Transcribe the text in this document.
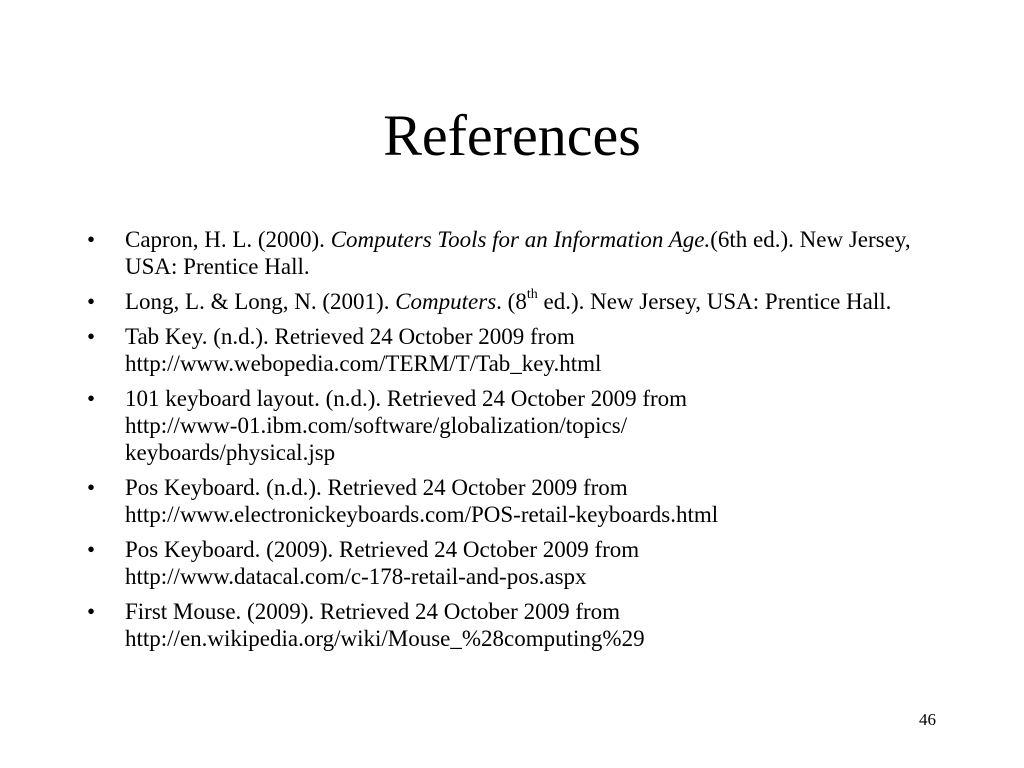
References
• Capron, H. L. (2000). Computers Tools for an Information Age.(6th ed.). New Jersey, USA: Prentice Hall.
• Long, L. & Long, N. (2001). Computers. (8th ed.). New Jersey, USA: Prentice Hall.
• Tab Key. (n.d.). Retrieved 24 October 2009 from
http://www.webopedia.com/TERM/T/Tab_key.html
• 101 keyboard layout. (n.d.). Retrieved 24 October 2009 from
http://www-01.ibm.com/software/globalization/topics/
keyboards/physical.jsp
• Pos Keyboard. (n.d.). Retrieved 24 October 2009 from
http://www.electronickeyboards.com/POS-retail-keyboards.html
• Pos Keyboard. (2009). Retrieved 24 October 2009 from
http://www.datacal.com/c-178-retail-and-pos.aspx
• First Mouse. (2009). Retrieved 24 October 2009 from
http://en.wikipedia.org/wiki/Mouse_%28computing%29
46
